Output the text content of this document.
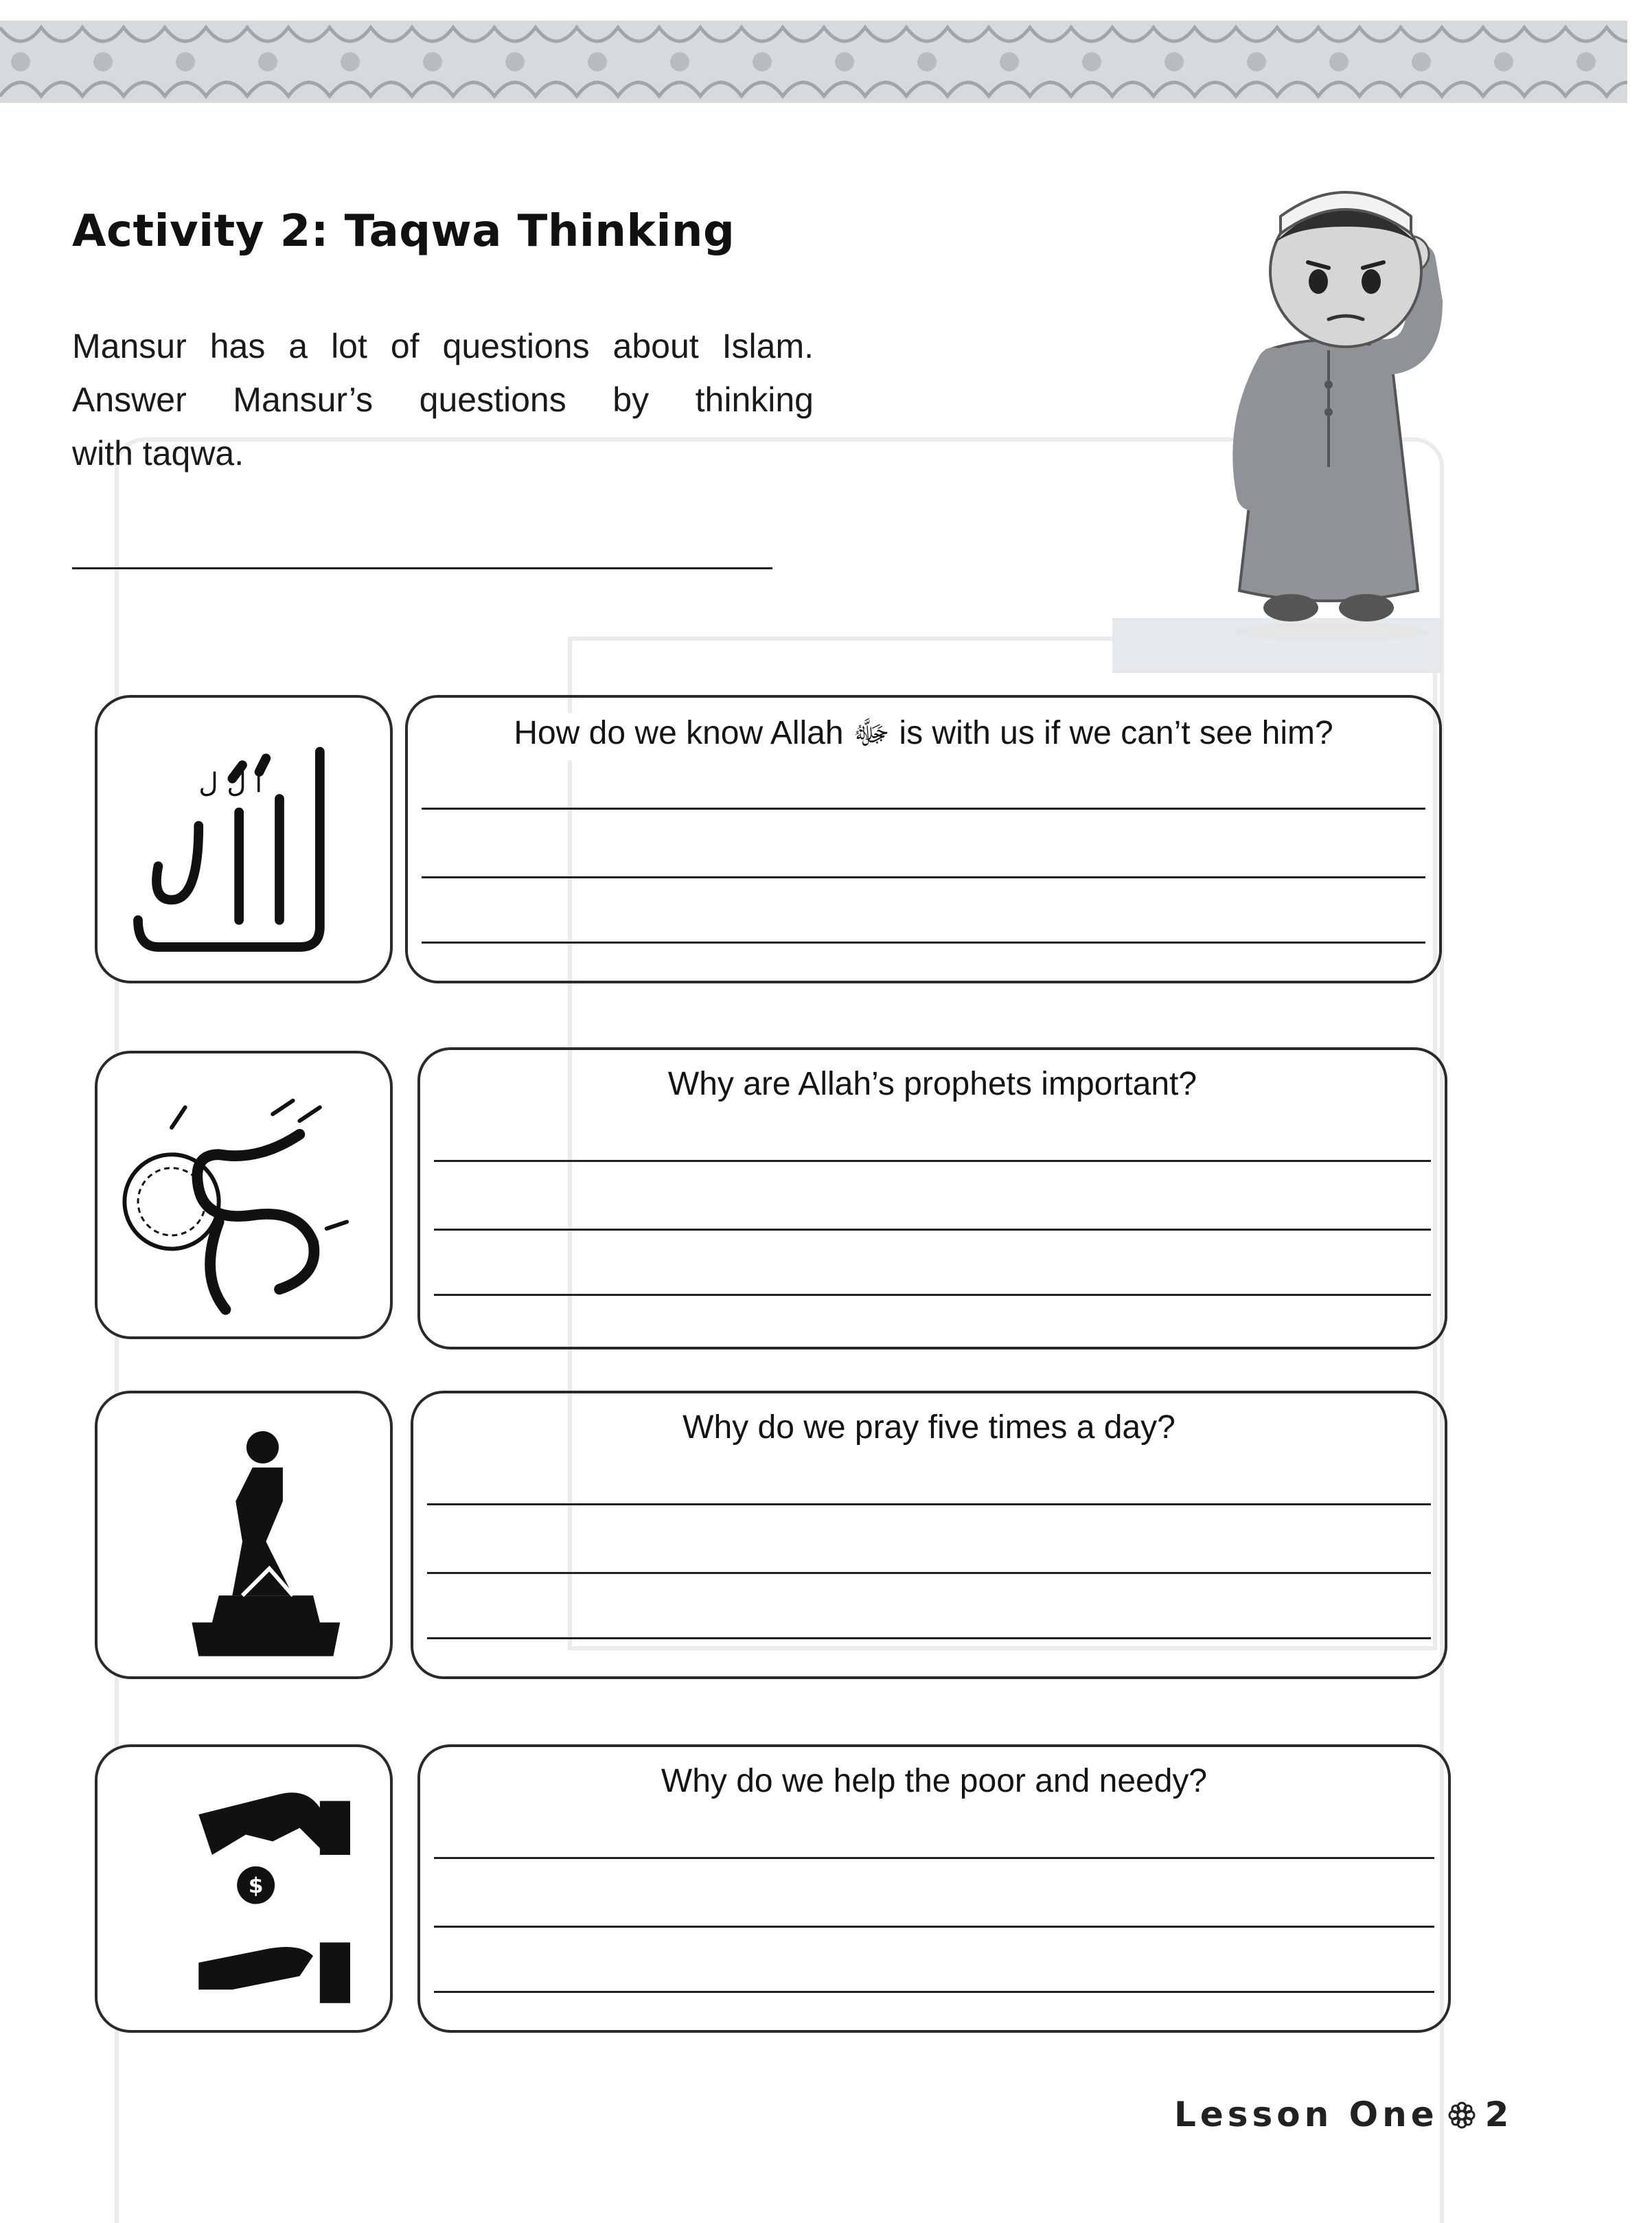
Activity 2: Taqwa Thinking
Mansur has a lot of questions about Islam.
Answer Mansur’s questions by thinking
with taqwa.
ا ل ل
How do we know Allah ﷻ is with us if we can’t see him?
Why are Allah’s prophets important?
Why do we pray five times a day?
$
Why do we help the poor and needy?
Lesson One 2
